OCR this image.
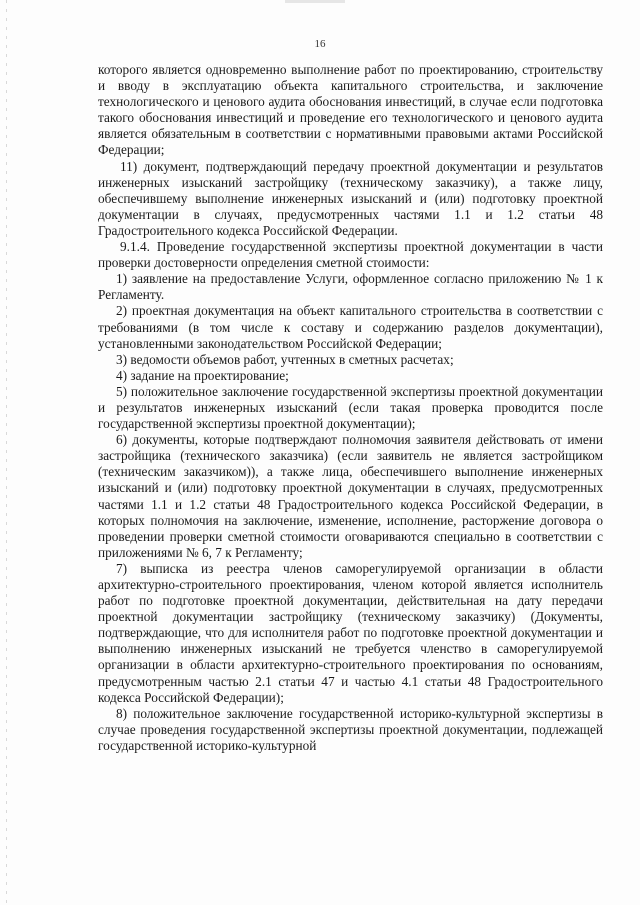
16

которого является одновременно выполнение работ по проектированию, строительству и вводу в эксплуатацию объекта капитального строительства, и заключение технологического и ценового аудита обоснования инвестиций, в случае если подготовка такого обоснования инвестиций и проведение его технологического и ценового аудита является обязательным в соответствии с нормативными правовыми актами Российской Федерации;

11) документ, подтверждающий передачу проектной документации и результатов инженерных изысканий застройщику (техническому заказчику), а также лицу, обеспечившему выполнение инженерных изысканий и (или) подготовку проектной документации в случаях, предусмотренных частями 1.1 и 1.2 статьи 48 Градостроительного кодекса Российской Федерации.

9.1.4. Проведение государственной экспертизы проектной документации в части проверки достоверности определения сметной стоимости:

1) заявление на предоставление Услуги, оформленное согласно приложению № 1 к Регламенту.

2) проектная документация на объект капитального строительства в соответствии с требованиями (в том числе к составу и содержанию разделов документации), установленными законодательством Российской Федерации;

3) ведомости объемов работ, учтенных в сметных расчетах;

4) задание на проектирование;

5) положительное заключение государственной экспертизы проектной документации и результатов инженерных изысканий (если такая проверка проводится после государственной экспертизы проектной документации);

6) документы, которые подтверждают полномочия заявителя действовать от имени застройщика (технического заказчика) (если заявитель не является застройщиком (техническим заказчиком)), а также лица, обеспечившего выполнение инженерных изысканий и (или) подготовку проектной документации в случаях, предусмотренных частями 1.1 и 1.2 статьи 48 Градостроительного кодекса Российской Федерации, в которых полномочия на заключение, изменение, исполнение, расторжение договора о проведении проверки сметной стоимости оговариваются специально в соответствии с приложениями № 6, 7 к Регламенту;

7) выписка из реестра членов саморегулируемой организации в области архитектурно-строительного проектирования, членом которой является исполнитель работ по подготовке проектной документации, действительная на дату передачи проектной документации застройщику (техническому заказчику) (Документы, подтверждающие, что для исполнителя работ по подготовке проектной документации и выполнению инженерных изысканий не требуется членство в саморегулируемой организации в области архитектурно-строительного проектирования по основаниям, предусмотренным частью 2.1 статьи 47 и частью 4.1 статьи 48 Градостроительного кодекса Российской Федерации);

8) положительное заключение государственной историко-культурной экспертизы в случае проведения государственной экспертизы проектной документации, подлежащей государственной историко-культурной
